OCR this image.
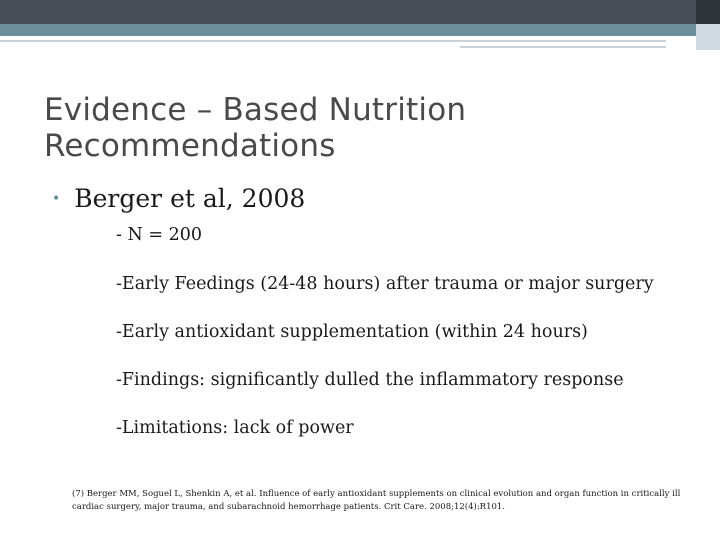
Evidence – Based Nutrition
Recommendations
• Berger et al, 2008
- N = 200
-Early Feedings (24-48 hours) after trauma or major surgery
-Early antioxidant supplementation (within 24 hours)
-Findings: significantly dulled the inflammatory response
-Limitations: lack of power
(7) Berger MM, Soguel L, Shenkin A, et al. Influence of early antioxidant supplements on clinical evolution and organ function in critically ill cardiac surgery, major trauma, and subarachnoid hemorrhage patients. Crit Care. 2008;12(4):R101.
